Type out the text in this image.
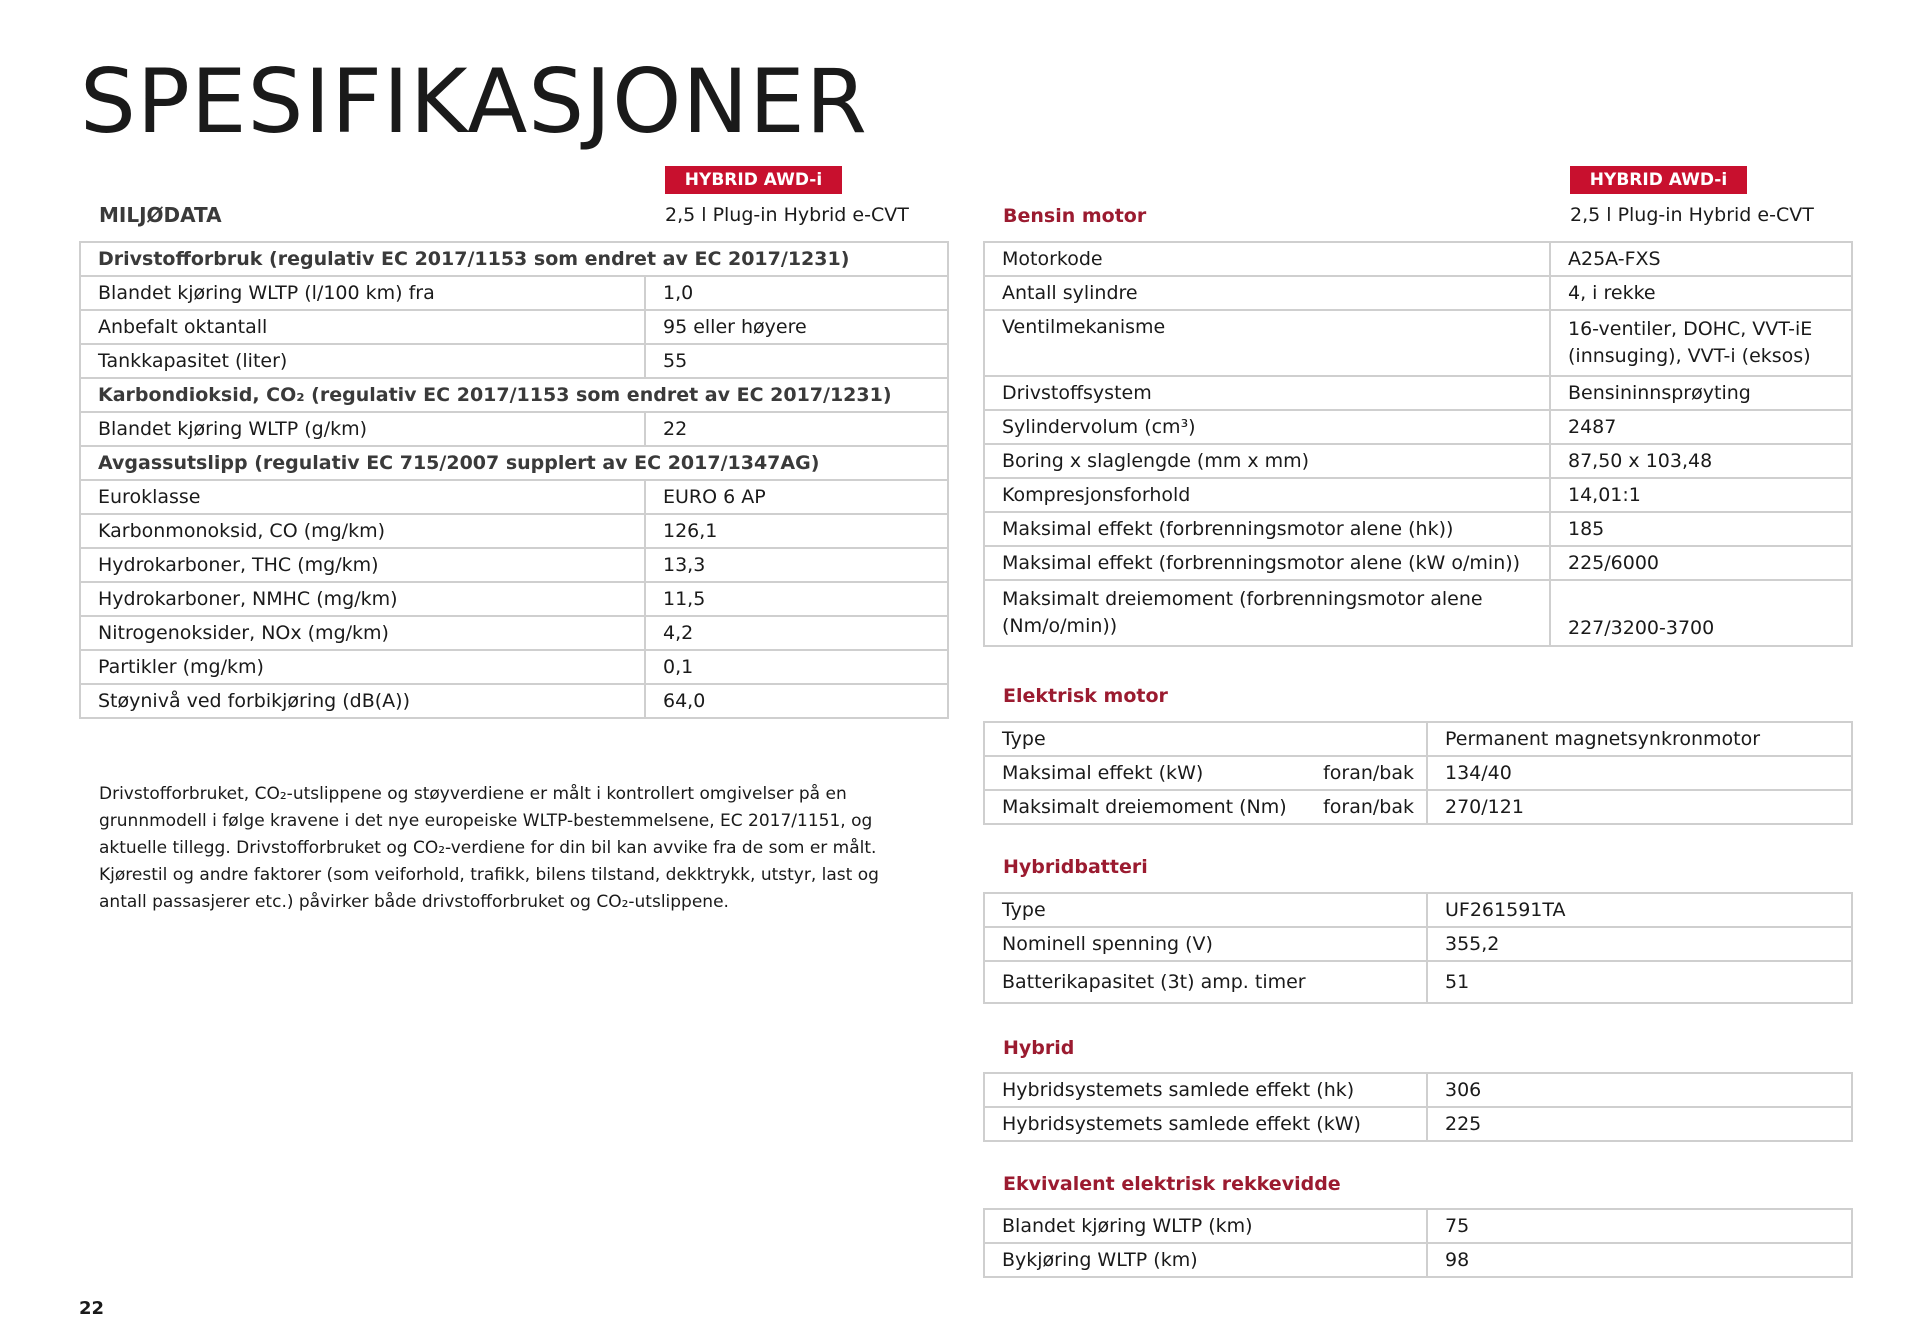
SPESIFIKASJONER
HYBRID AWD-i
MILJØDATA	2,5 l Plug-in Hybrid e-CVT
Drivstofforbruk (regulativ EC 2017/1153 som endret av EC 2017/1231)	
Blandet kjøring WLTP (l/100 km) fra	1,0
Anbefalt oktantall	95 eller høyere
Tankkapasitet (liter)	55
Karbondioksid, CO₂ (regulativ EC 2017/1153 som endret av EC 2017/1231)	
Blandet kjøring WLTP (g/km)	22
Avgassutslipp (regulativ EC 715/2007 supplert av EC 2017/1347AG)	
Euroklasse	EURO 6 AP
Karbonmonoksid, CO (mg/km)	126,1
Hydrokarboner, THC (mg/km)	13,3
Hydrokarboner, NMHC (mg/km)	11,5
Nitrogenoksider, NOx (mg/km)	4,2
Partikler (mg/km)	0,1
Støynivå ved forbikjøring (dB(A))	64,0

Drivstofforbruket, CO₂-utslippene og støyverdiene er målt i kontrollert omgivelser på en grunnmodell i følge kravene i det nye europeiske WLTP-bestemmelsene, EC 2017/1151, og aktuelle tillegg. Drivstofforbruket og CO₂-verdiene for din bil kan avvike fra de som er målt. Kjørestil og andre faktorer (som veiforhold, trafikk, bilens tilstand, dekktrykk, utstyr, last og antall passasjerer etc.) påvirker både drivstofforbruket og CO₂-utslippene.

HYBRID AWD-i
Bensin motor	2,5 l Plug-in Hybrid e-CVT
Motorkode	A25A-FXS
Antall sylindre	4, i rekke
Ventilmekanisme	16-ventiler, DOHC, VVT-iE (innsuging), VVT-i (eksos)
Drivstoffsystem	Bensininnsprøyting
Sylindervolum (cm³)	2487
Boring x slaglengde (mm x mm)	87,50 x 103,48
Kompresjonsforhold	14,01:1
Maksimal effekt (forbrenningsmotor alene (hk))	185
Maksimal effekt (forbrenningsmotor alene (kW o/min))	225/6000
Maksimalt dreiemoment (forbrenningsmotor alene (Nm/o/min))	227/3200-3700
Elektrisk motor
Type	Permanent magnetsynkronmotor

Maksimal effekt (kW) foran/bak	134/40

Maksimalt dreiemoment (Nm) foran/bak	270/121
Hybridbatteri
Type	UF261591TA
Nominell spenning (V)	355,2
Batterikapasitet (3t) amp. timer	51
Hybrid
Hybridsystemets samlede effekt (hk)	306
Hybridsystemets samlede effekt (kW)	225
Ekvivalent elektrisk rekkevidde
Blandet kjøring WLTP (km)	75
Bykjøring WLTP (km)	98
22
